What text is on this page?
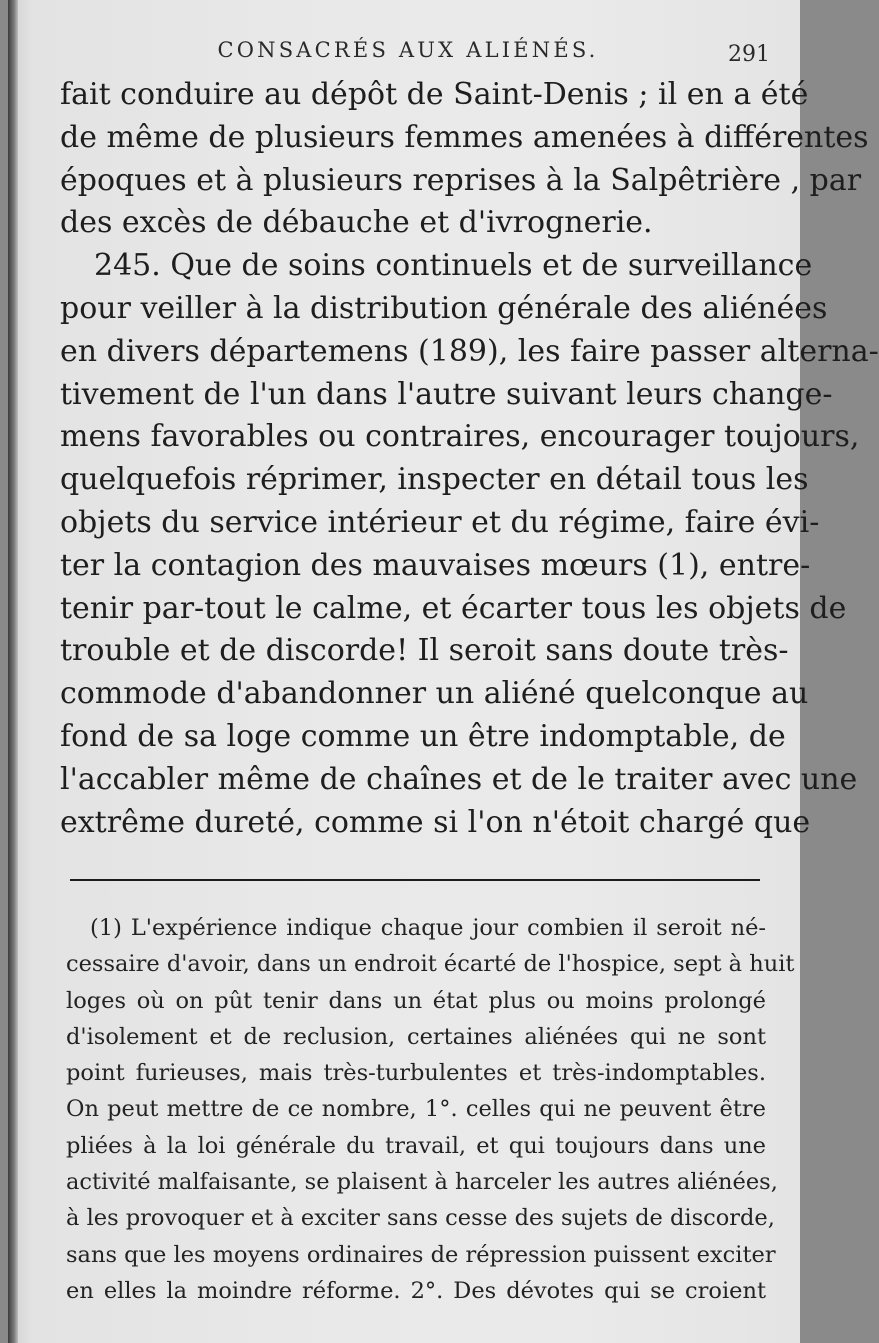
CONSACRÉS AUX ALIÉNÉS.	291
fait conduire au dépôt de Saint-Denis ; il en a été
de même de plusieurs femmes amenées à différentes
époques et à plusieurs reprises à la Salpêtrière , par
des excès de débauche et d'ivrognerie.
245. Que de soins continuels et de surveillance
pour veiller à la distribution générale des aliénées
en divers départemens (189), les faire passer alterna-
tivement de l'un dans l'autre suivant leurs change-
mens favorables ou contraires, encourager toujours,
quelquefois réprimer, inspecter en détail tous les
objets du service intérieur et du régime, faire évi-
ter la contagion des mauvaises mœurs (1), entre-
tenir par-tout le calme, et écarter tous les objets de
trouble et de discorde! Il seroit sans doute très-
commode d'abandonner un aliéné quelconque au
fond de sa loge comme un être indomptable, de
l'accabler même de chaînes et de le traiter avec une
extrême dureté, comme si l'on n'étoit chargé que
(1) L'expérience indique chaque jour combien il seroit né-
cessaire d'avoir, dans un endroit écarté de l'hospice, sept à huit
loges où on pût tenir dans un état plus ou moins prolongé
d'isolement et de reclusion, certaines aliénées qui ne sont
point furieuses, mais très-turbulentes et très-indomptables.
On peut mettre de ce nombre, 1°. celles qui ne peuvent être
pliées à la loi générale du travail, et qui toujours dans une
activité malfaisante, se plaisent à harceler les autres aliénées,
à les provoquer et à exciter sans cesse des sujets de discorde,
sans que les moyens ordinaires de répression puissent exciter
en elles la moindre réforme. 2°. Des dévotes qui se croient
